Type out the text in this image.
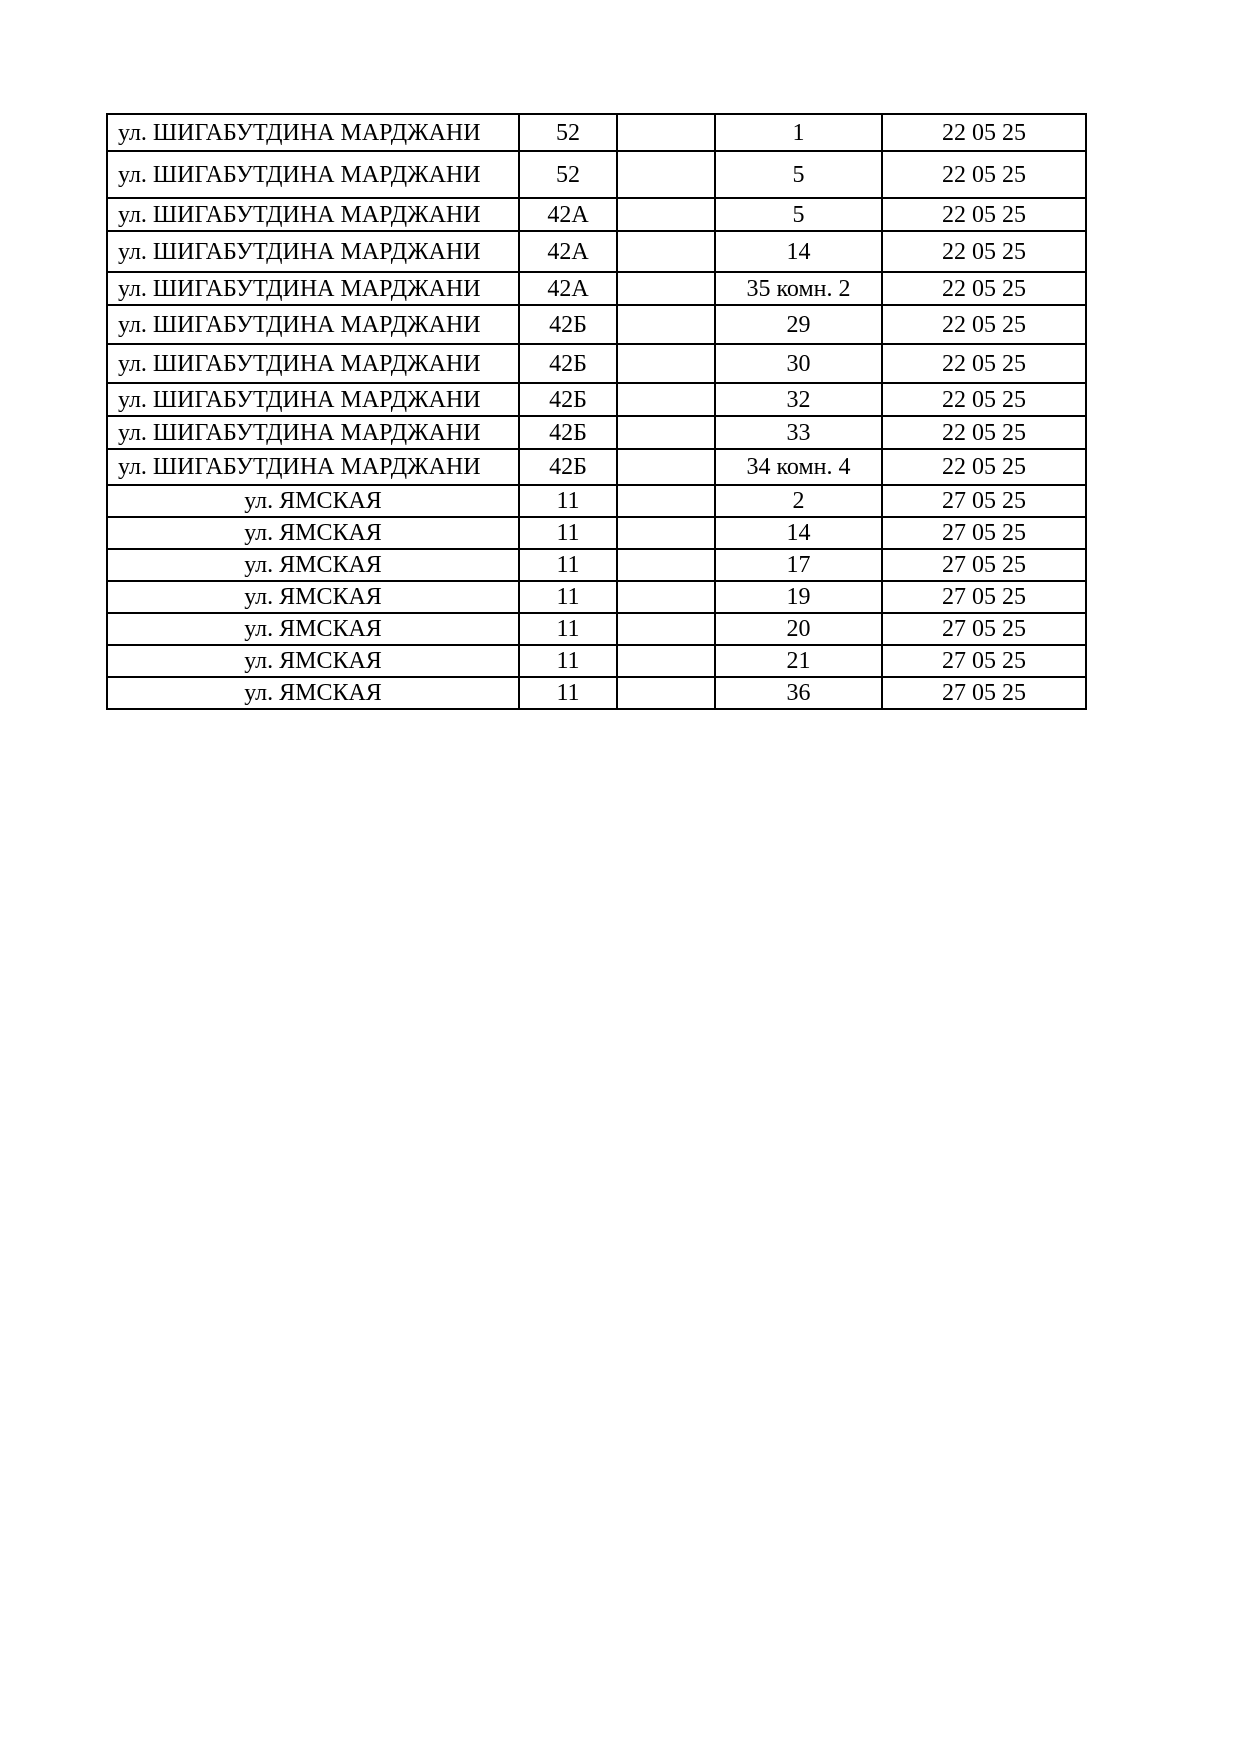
ул. ШИГАБУТДИНА МАРДЖАНИ	52		1	22 05 25
ул. ШИГАБУТДИНА МАРДЖАНИ	52		5	22 05 25
ул. ШИГАБУТДИНА МАРДЖАНИ	42А		5	22 05 25
ул. ШИГАБУТДИНА МАРДЖАНИ	42А		14	22 05 25
ул. ШИГАБУТДИНА МАРДЖАНИ	42А		35 комн. 2	22 05 25
ул. ШИГАБУТДИНА МАРДЖАНИ	42Б		29	22 05 25
ул. ШИГАБУТДИНА МАРДЖАНИ	42Б		30	22 05 25
ул. ШИГАБУТДИНА МАРДЖАНИ	42Б		32	22 05 25
ул. ШИГАБУТДИНА МАРДЖАНИ	42Б		33	22 05 25
ул. ШИГАБУТДИНА МАРДЖАНИ	42Б		34 комн. 4	22 05 25
ул. ЯМСКАЯ	11		2	27 05 25
ул. ЯМСКАЯ	11		14	27 05 25
ул. ЯМСКАЯ	11		17	27 05 25
ул. ЯМСКАЯ	11		19	27 05 25
ул. ЯМСКАЯ	11		20	27 05 25
ул. ЯМСКАЯ	11		21	27 05 25
ул. ЯМСКАЯ	11		36	27 05 25
